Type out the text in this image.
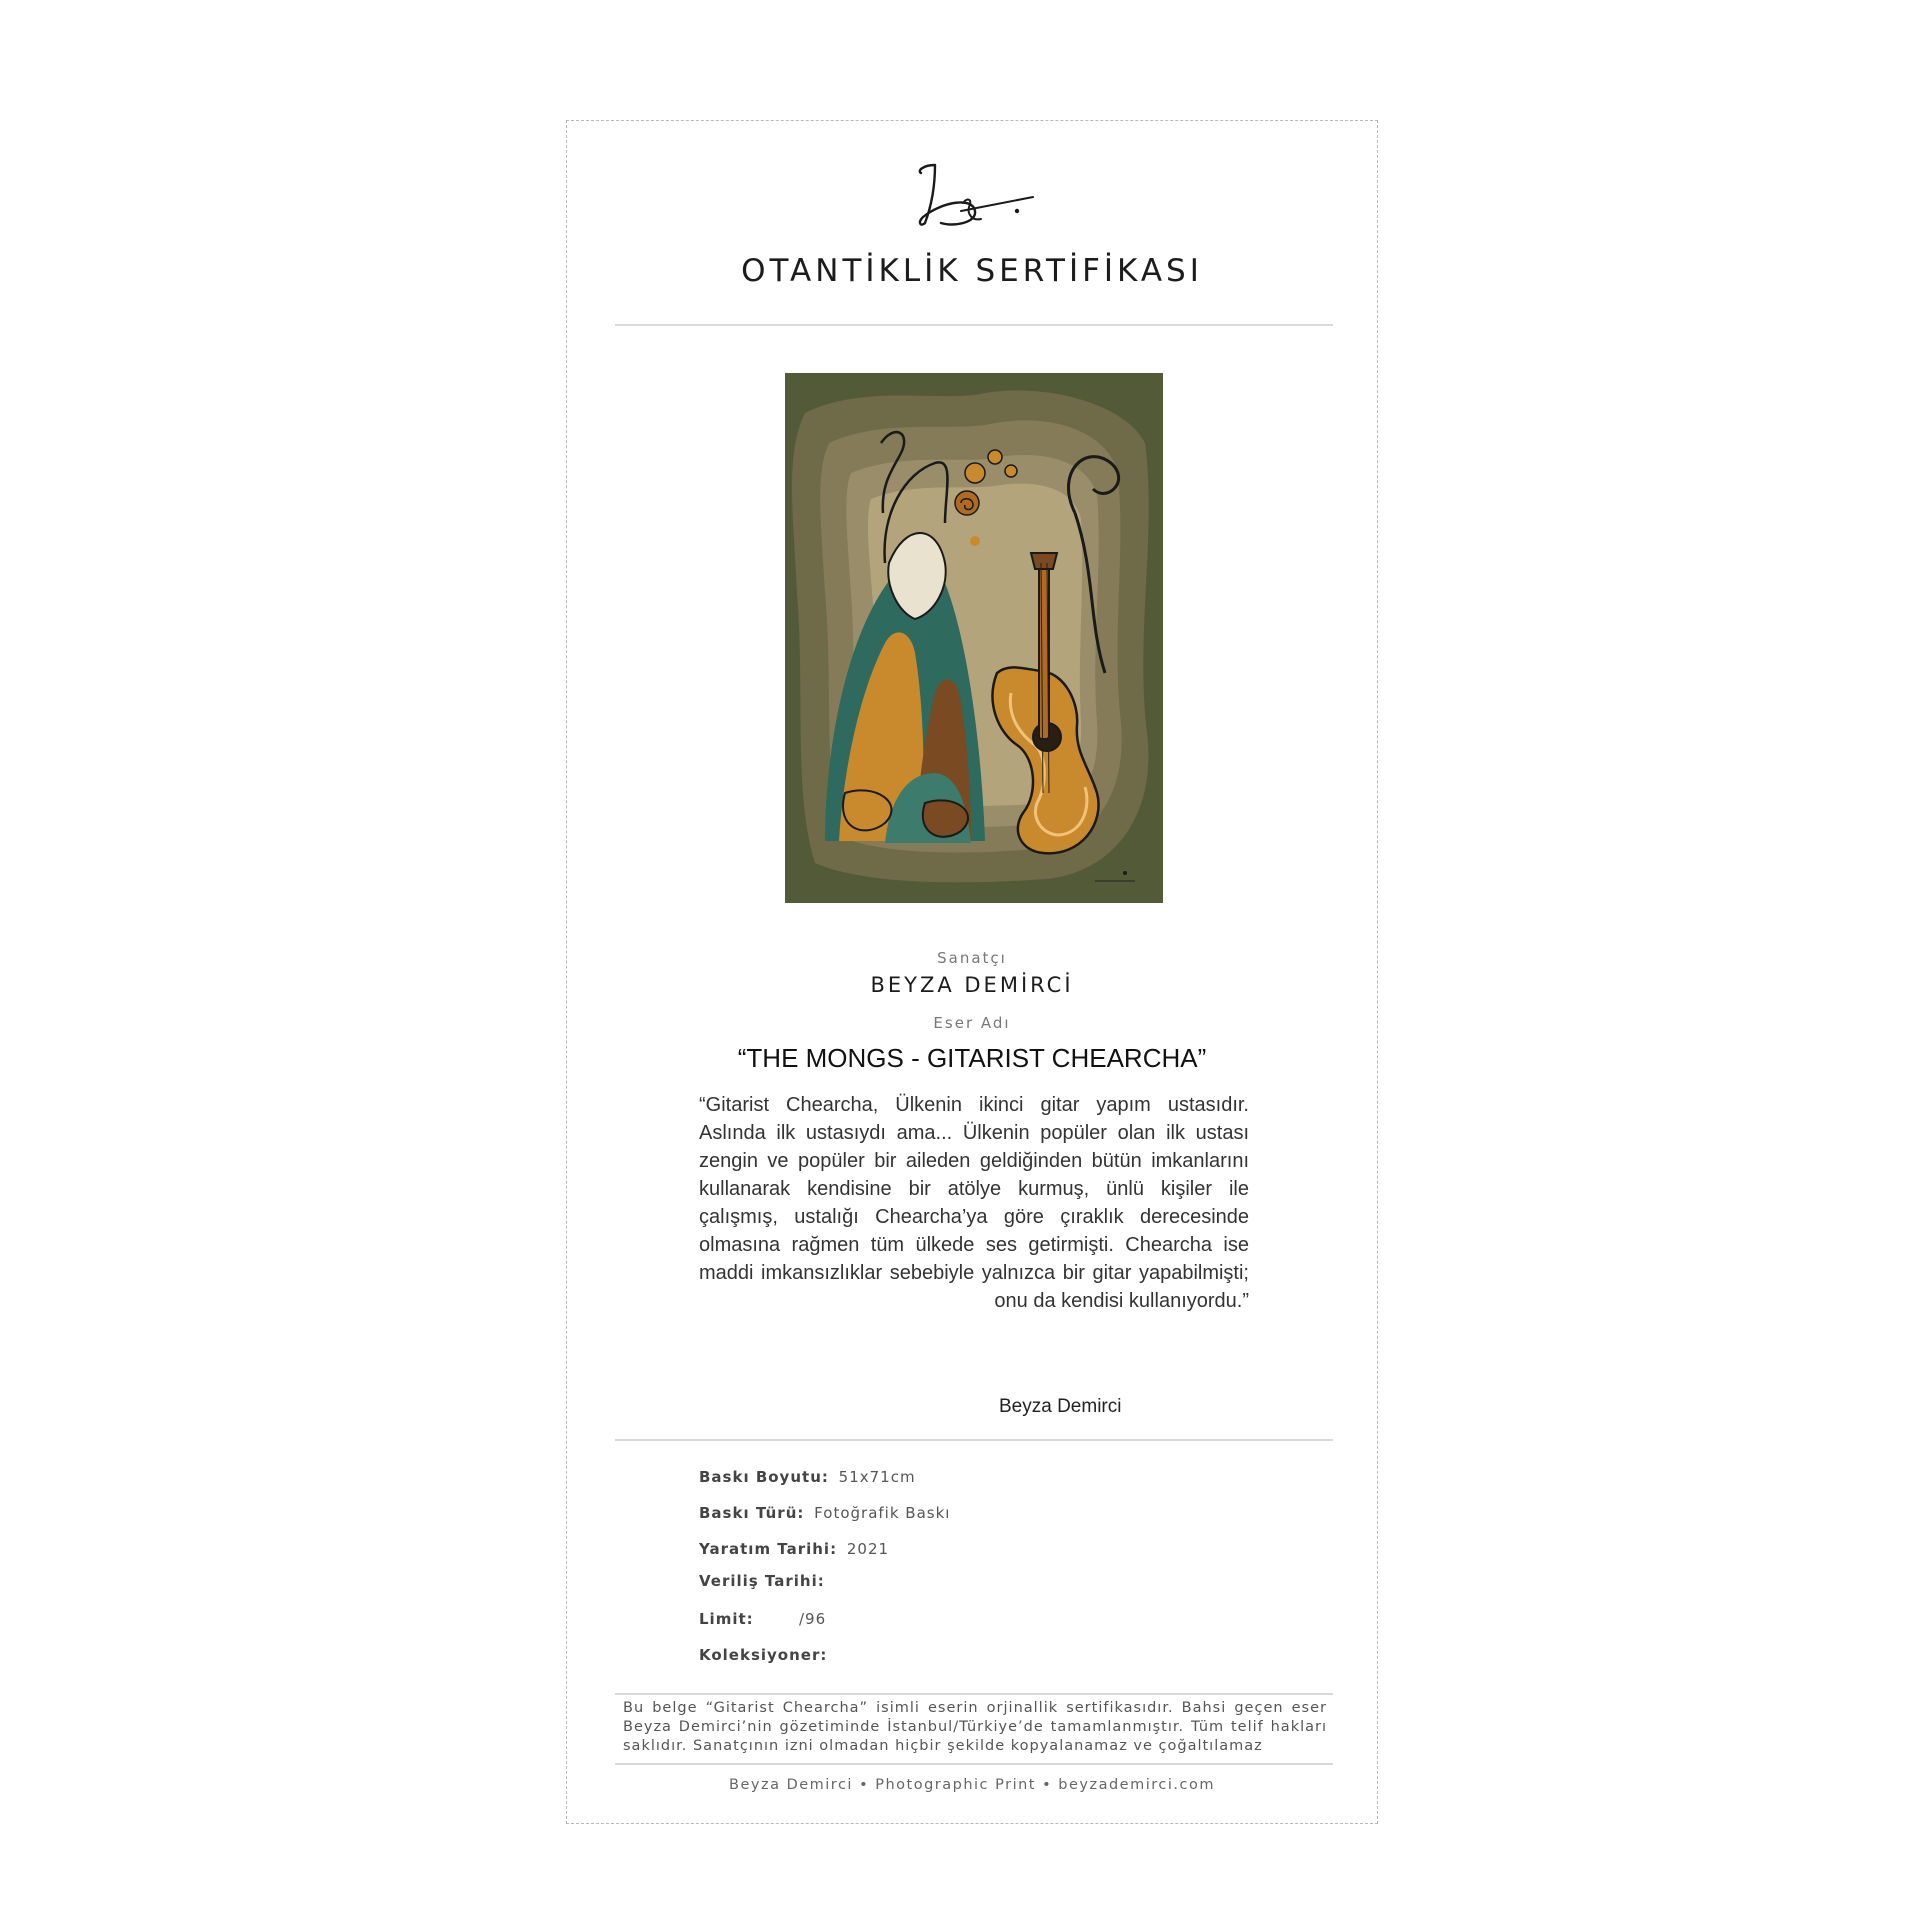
OTANTİKLİK SERTİFİKASI
Sanatçı
BEYZA DEMİRCİ
Eser Adı
“THE MONGS - GITARIST CHEARCHA”
“Gitarist Chearcha, Ülkenin ikinci gitar yapım ustasıdır. Aslında ilk ustasıydı ama... Ülkenin popüler olan ilk ustası zengin ve popüler bir aileden geldiğinden bütün imkanlarını kullanarak kendisine bir atölye kurmuş, ünlü kişiler ile çalışmış, ustalığı Chearcha’ya göre çıraklık derecesinde olmasına rağmen tüm ülkede ses getirmişti. Chearcha ise maddi imkansızlıklar sebebiyle yalnızca bir gitar yapabilmişti; onu da kendisi kullanıyordu.”
Beyza Demirci
Baskı Boyutu: 51x71cm
Baskı Türü: Fotoğrafik Baskı
Yaratım Tarihi: 2021
Veriliş Tarihi:
Limit:	/96
Koleksiyoner:
Bu belge “Gitarist Chearcha” isimli eserin orjinallik sertifikasıdır. Bahsi geçen eser Beyza Demirci’nin gözetiminde İstanbul/Türkiye’de tamamlanmıştır. Tüm telif hakları saklıdır. Sanatçının izni olmadan hiçbir şekilde kopyalanamaz ve çoğaltılamaz
Beyza Demirci • Photographic Print • beyzademirci.com
